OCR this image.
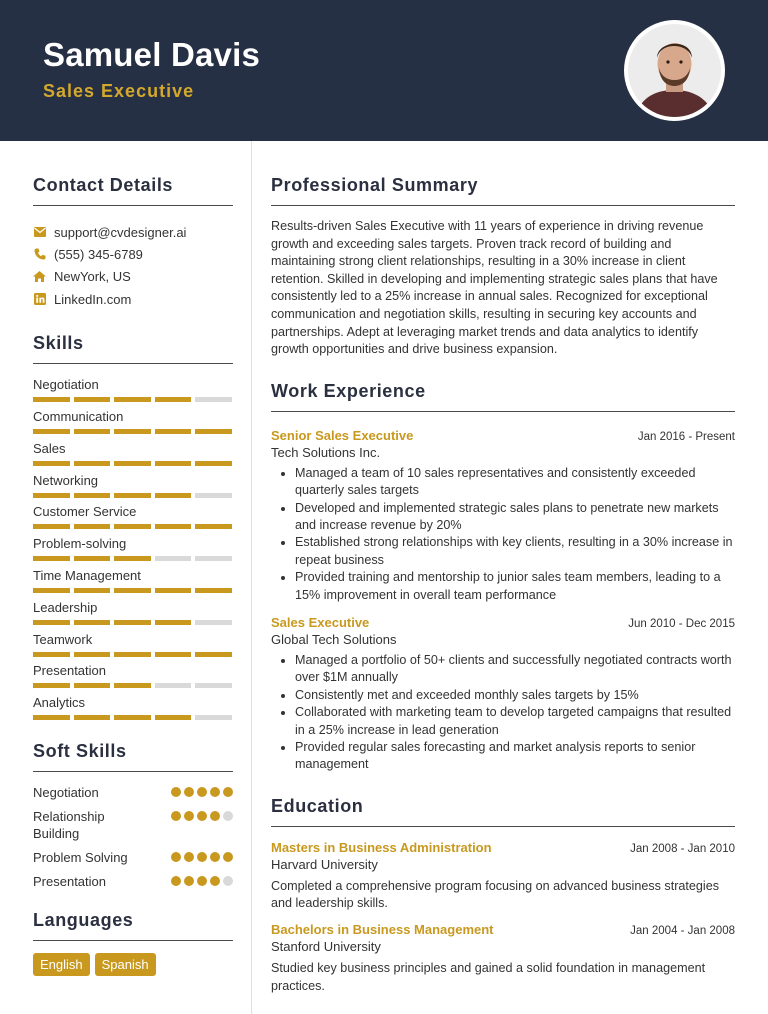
Samuel Davis
Sales Executive
Contact Details
support@cvdesigner.ai
(555) 345-6789
NewYork, US
LinkedIn.com
Skills
Negotiation
Communication
Sales
Networking
Customer Service
Problem-solving
Time Management
Leadership
Teamwork
Presentation
Analytics
Soft Skills
Negotiation
Relationship Building
Problem Solving
Presentation
Languages
English	Spanish
Professional Summary
Results-driven Sales Executive with 11 years of experience in driving revenue growth and exceeding sales targets. Proven track record of building and maintaining strong client relationships, resulting in a 30% increase in client retention. Skilled in developing and implementing strategic sales plans that have consistently led to a 25% increase in annual sales. Recognized for exceptional communication and negotiation skills, resulting in securing key accounts and partnerships. Adept at leveraging market trends and data analytics to identify growth opportunities and drive business expansion.
Work Experience
Senior Sales Executive	Jan 2016 - Present
Tech Solutions Inc.
Managed a team of 10 sales representatives and consistently exceeded quarterly sales targets
Developed and implemented strategic sales plans to penetrate new markets and increase revenue by 20%
Established strong relationships with key clients, resulting in a 30% increase in repeat business
Provided training and mentorship to junior sales team members, leading to a 15% improvement in overall team performance
Sales Executive	Jun 2010 - Dec 2015
Global Tech Solutions
Managed a portfolio of 50+ clients and successfully negotiated contracts worth over $1M annually
Consistently met and exceeded monthly sales targets by 15%
Collaborated with marketing team to develop targeted campaigns that resulted in a 25% increase in lead generation
Provided regular sales forecasting and market analysis reports to senior management
Education
Masters in Business Administration	Jan 2008 - Jan 2010
Harvard University
Completed a comprehensive program focusing on advanced business strategies and leadership skills.
Bachelors in Business Management	Jan 2004 - Jan 2008
Stanford University
Studied key business principles and gained a solid foundation in management practices.
